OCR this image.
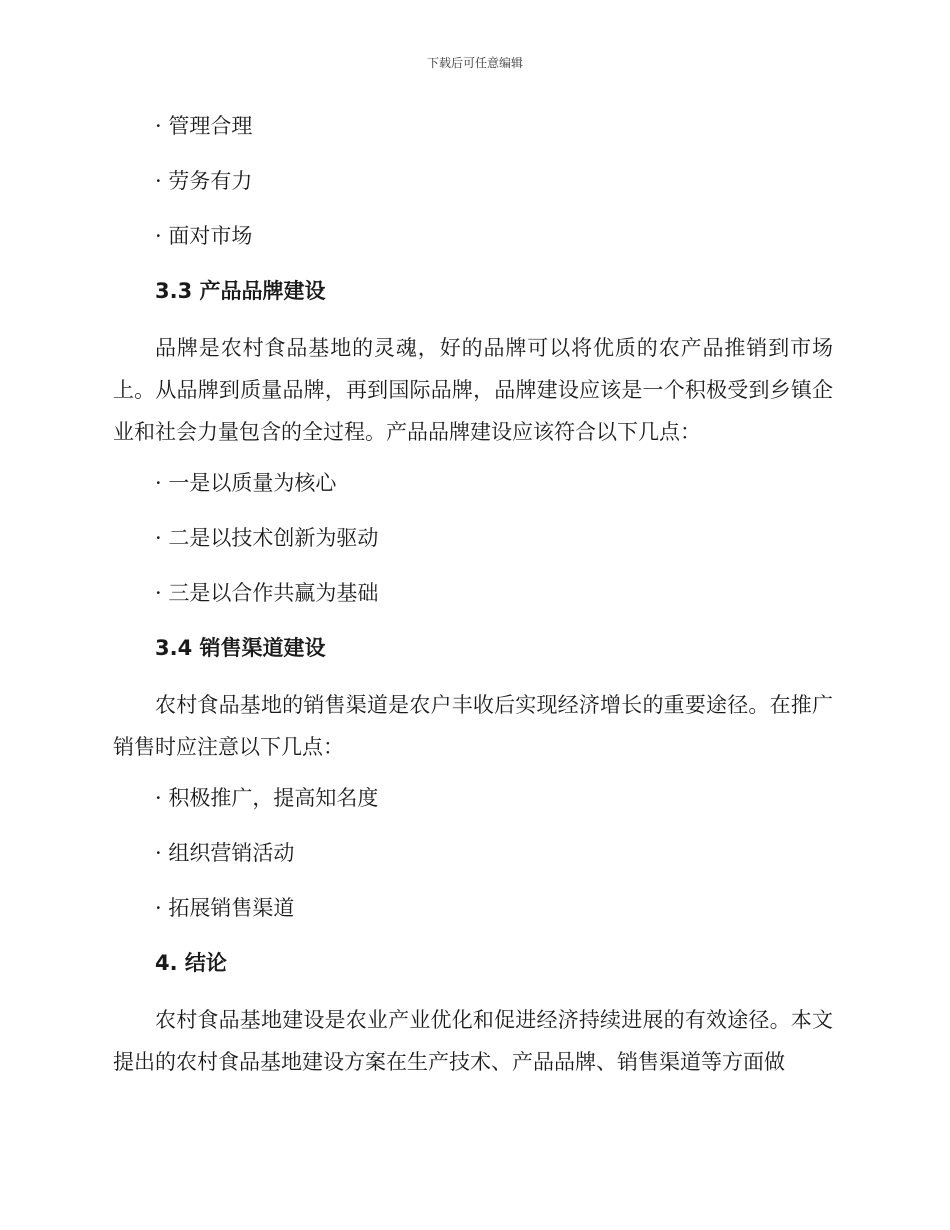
下载后可任意编辑
· 管理合理
· 劳务有力
· 面对市场
3.3 产品品牌建设
品牌是农村食品基地的灵魂，好的品牌可以将优质的农产品推销到市场上。从品牌到质量品牌，再到国际品牌，品牌建设应该是一个积极受到乡镇企业和社会力量包含的全过程。产品品牌建设应该符合以下几点：
· 一是以质量为核心
· 二是以技术创新为驱动
· 三是以合作共赢为基础
3.4 销售渠道建设
农村食品基地的销售渠道是农户丰收后实现经济增长的重要途径。在推广销售时应注意以下几点：
· 积极推广，提高知名度
· 组织营销活动
· 拓展销售渠道
4. 结论
农村食品基地建设是农业产业优化和促进经济持续进展的有效途径。本文提出的农村食品基地建设方案在生产技术、产品品牌、销售渠道等方面做
